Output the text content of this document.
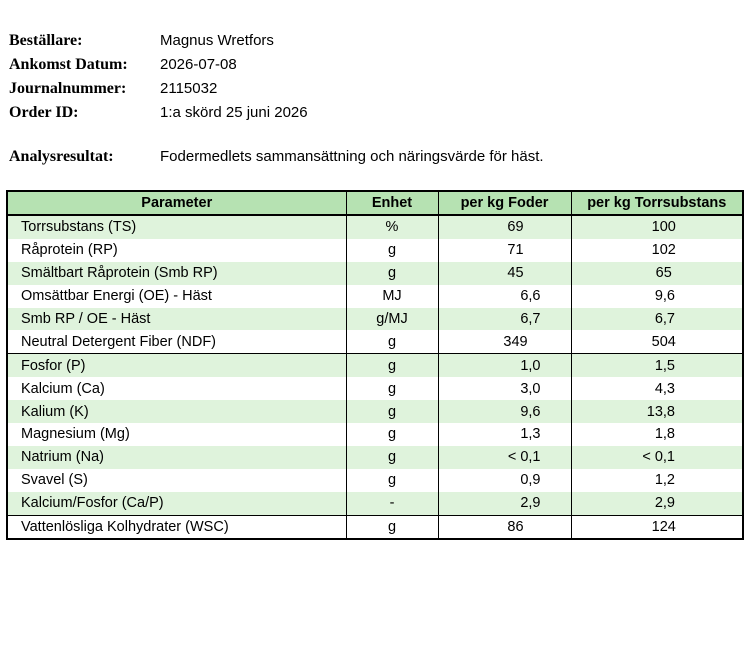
Beställare:	Magnus Wretfors
Ankomst Datum: 2026-07-08
Journalnummer: 2115032
Order ID:	1:a skörd 25 juni 2026
Analysresultat:	Fodermedlets sammansättning och näringsvärde för häst.
Parameter	Enhet	per kg Foder	per kg Torrsubstans
Torrsubstans (TS)	%	69	100
Råprotein (RP)	g	71	102
Smältbart Råprotein (Smb RP)	g	45	65
Omsättbar Energi (OE) - Häst	MJ	6,6	9,6
Smb RP / OE - Häst	g/MJ	6,7	6,7
Neutral Detergent Fiber (NDF)	g	349	504
Fosfor (P)	g	1,0	1,5
Kalcium (Ca)	g	3,0	4,3
Kalium (K)	g	9,6	13,8
Magnesium (Mg)	g	1,3	1,8
Natrium (Na)	g	< 0,1	< 0,1
Svavel (S)	g	0,9	1,2
Kalcium/Fosfor (Ca/P)	-	2,9	2,9
Vattenlösliga Kolhydrater (WSC)	g	86	124
